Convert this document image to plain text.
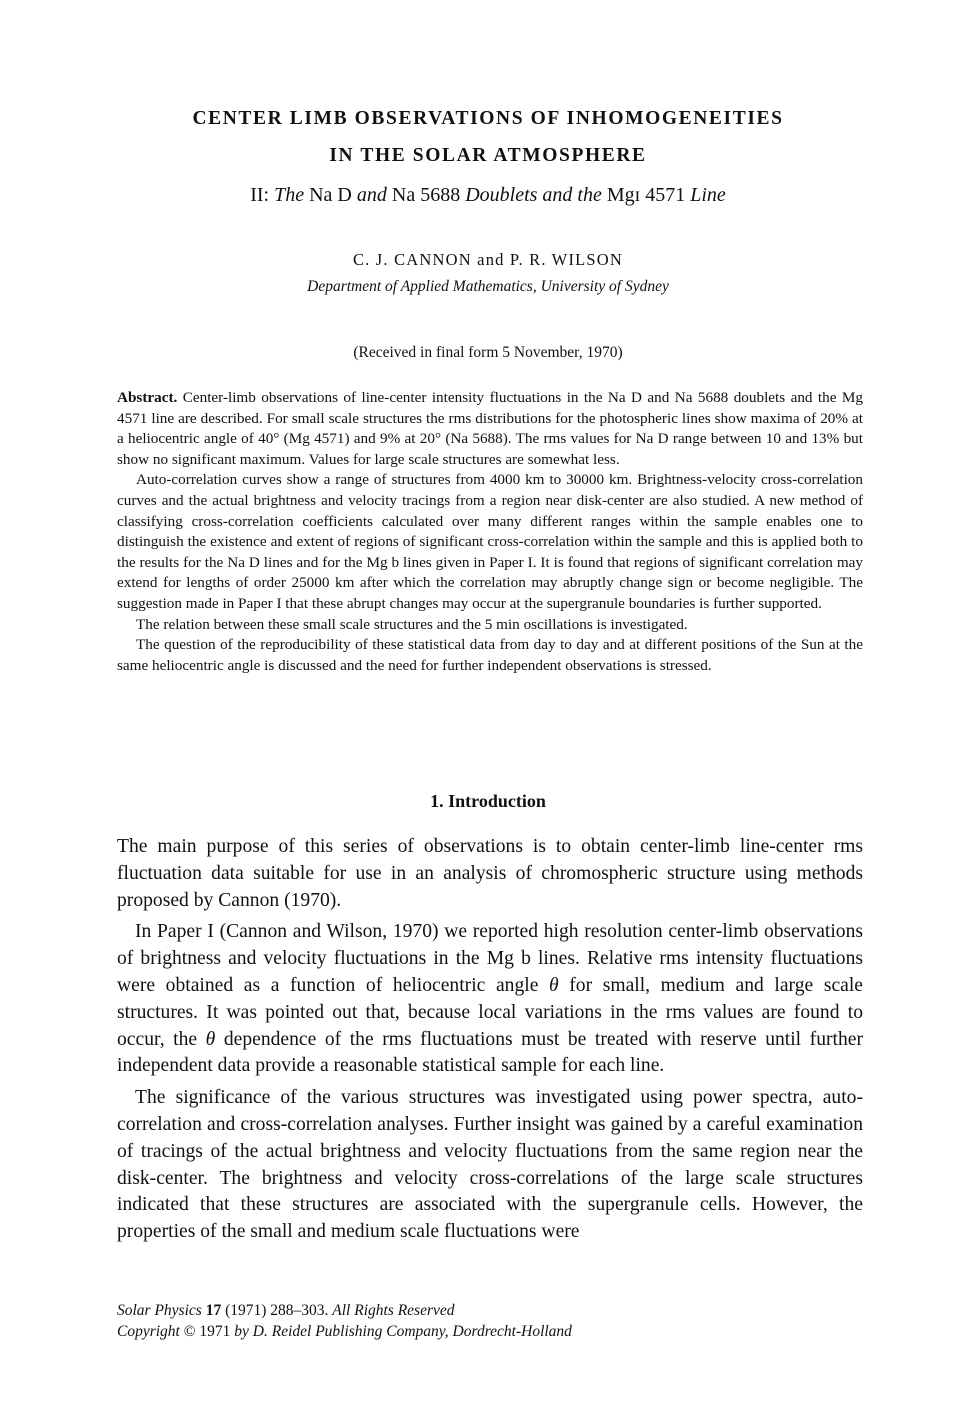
CENTER LIMB OBSERVATIONS OF INHOMOGENEITIES
IN THE SOLAR ATMOSPHERE
II: The Na D and Na 5688 Doublets and the Mgɪ 4571 Line
C. J. CANNON and P. R. WILSON
Department of Applied Mathematics, University of Sydney
(Received in final form 5 November, 1970)

Abstract. Center-limb observations of line-center intensity fluctuations in the Na D and Na 5688 doublets and the Mg 4571 line are described. For small scale structures the rms distributions for the photospheric lines show maxima of 20% at a heliocentric angle of 40° (Mg 4571) and 9% at 20° (Na 5688). The rms values for Na D range between 10 and 13% but show no significant maximum. Values for large scale structures are somewhat less.

Auto-correlation curves show a range of structures from 4000 km to 30000 km. Brightness-velocity cross-correlation curves and the actual brightness and velocity tracings from a region near disk-center are also studied. A new method of classifying cross-correlation coefficients calculated over many different ranges within the sample enables one to distinguish the existence and extent of regions of significant cross-correlation within the sample and this is applied both to the results for the Na D lines and for the Mg b lines given in Paper I. It is found that regions of significant correlation may extend for lengths of order 25000 km after which the correlation may abruptly change sign or become negligible. The suggestion made in Paper I that these abrupt changes may occur at the supergranule boundaries is further supported.

The relation between these small scale structures and the 5 min oscillations is investigated.

The question of the reproducibility of these statistical data from day to day and at different positions of the Sun at the same heliocentric angle is discussed and the need for further independent observations is stressed.

1. Introduction

The main purpose of this series of observations is to obtain center-limb line-center rms fluctuation data suitable for use in an analysis of chromospheric structure using methods proposed by Cannon (1970).

In Paper I (Cannon and Wilson, 1970) we reported high resolution center-limb observations of brightness and velocity fluctuations in the Mg b lines. Relative rms intensity fluctuations were obtained as a function of heliocentric angle θ for small, medium and large scale structures. It was pointed out that, because local variations in the rms values are found to occur, the θ dependence of the rms fluctuations must be treated with reserve until further independent data provide a reasonable statistical sample for each line.

The significance of the various structures was investigated using power spectra, auto-correlation and cross-correlation analyses. Further insight was gained by a careful examination of tracings of the actual brightness and velocity fluctuations from the same region near the disk-center. The brightness and velocity cross-correlations of the large scale structures indicated that these structures are associated with the supergranule cells. However, the properties of the small and medium scale fluctuations were

Solar Physics 17 (1971) 288–303. All Rights Reserved
Copyright © 1971 by D. Reidel Publishing Company, Dordrecht-Holland
